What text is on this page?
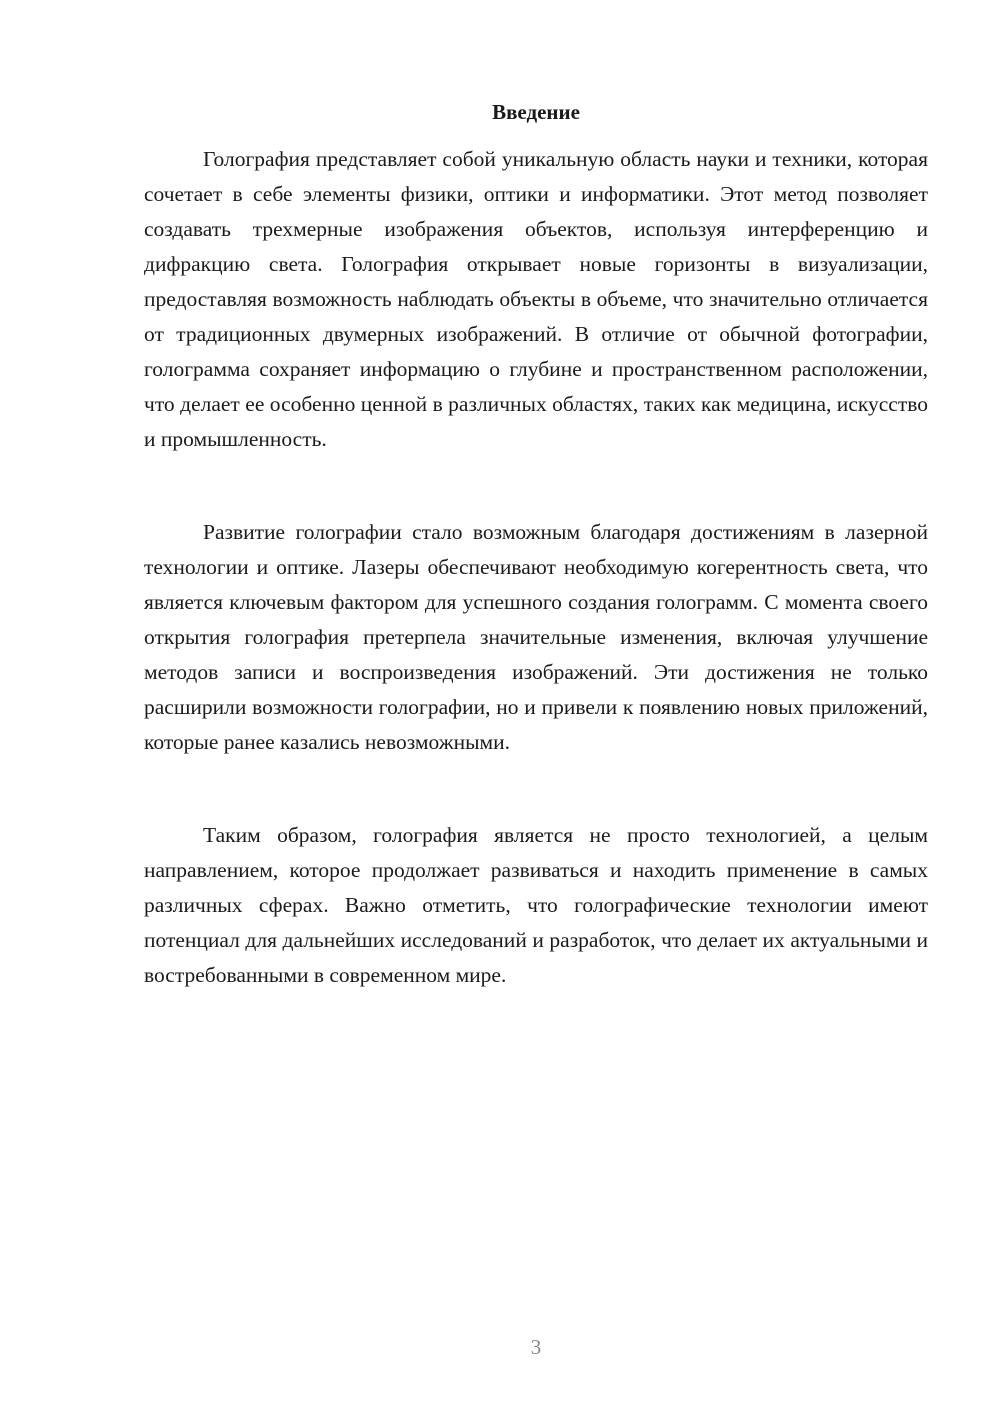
Введение

Голография представляет собой уникальную область науки и техники, которая сочетает в себе элементы физики, оптики и информатики. Этот метод позволяет создавать трехмерные изображения объектов, используя интерференцию и дифракцию света. Голография открывает новые горизонты в визуализации, предоставляя возможность наблюдать объекты в объеме, что значительно отличается от традиционных двумерных изображений. В отличие от обычной фотографии, голограмма сохраняет информацию о глубине и пространственном расположении, что делает ее особенно ценной в различных областях, таких как медицина, искусство и промышленность.

Развитие голографии стало возможным благодаря достижениям в лазерной технологии и оптике. Лазеры обеспечивают необходимую когерентность света, что является ключевым фактором для успешного создания голограмм. С момента своего открытия голография претерпела значительные изменения, включая улучшение методов записи и воспроизведения изображений. Эти достижения не только расширили возможности голографии, но и привели к появлению новых приложений, которые ранее казались невозможными.

Таким образом, голография является не просто технологией, а целым направлением, которое продолжает развиваться и находить применение в самых различных сферах. Важно отметить, что голографические технологии имеют потенциал для дальнейших исследований и разработок, что делает их актуальными и востребованными в современном мире.

3
